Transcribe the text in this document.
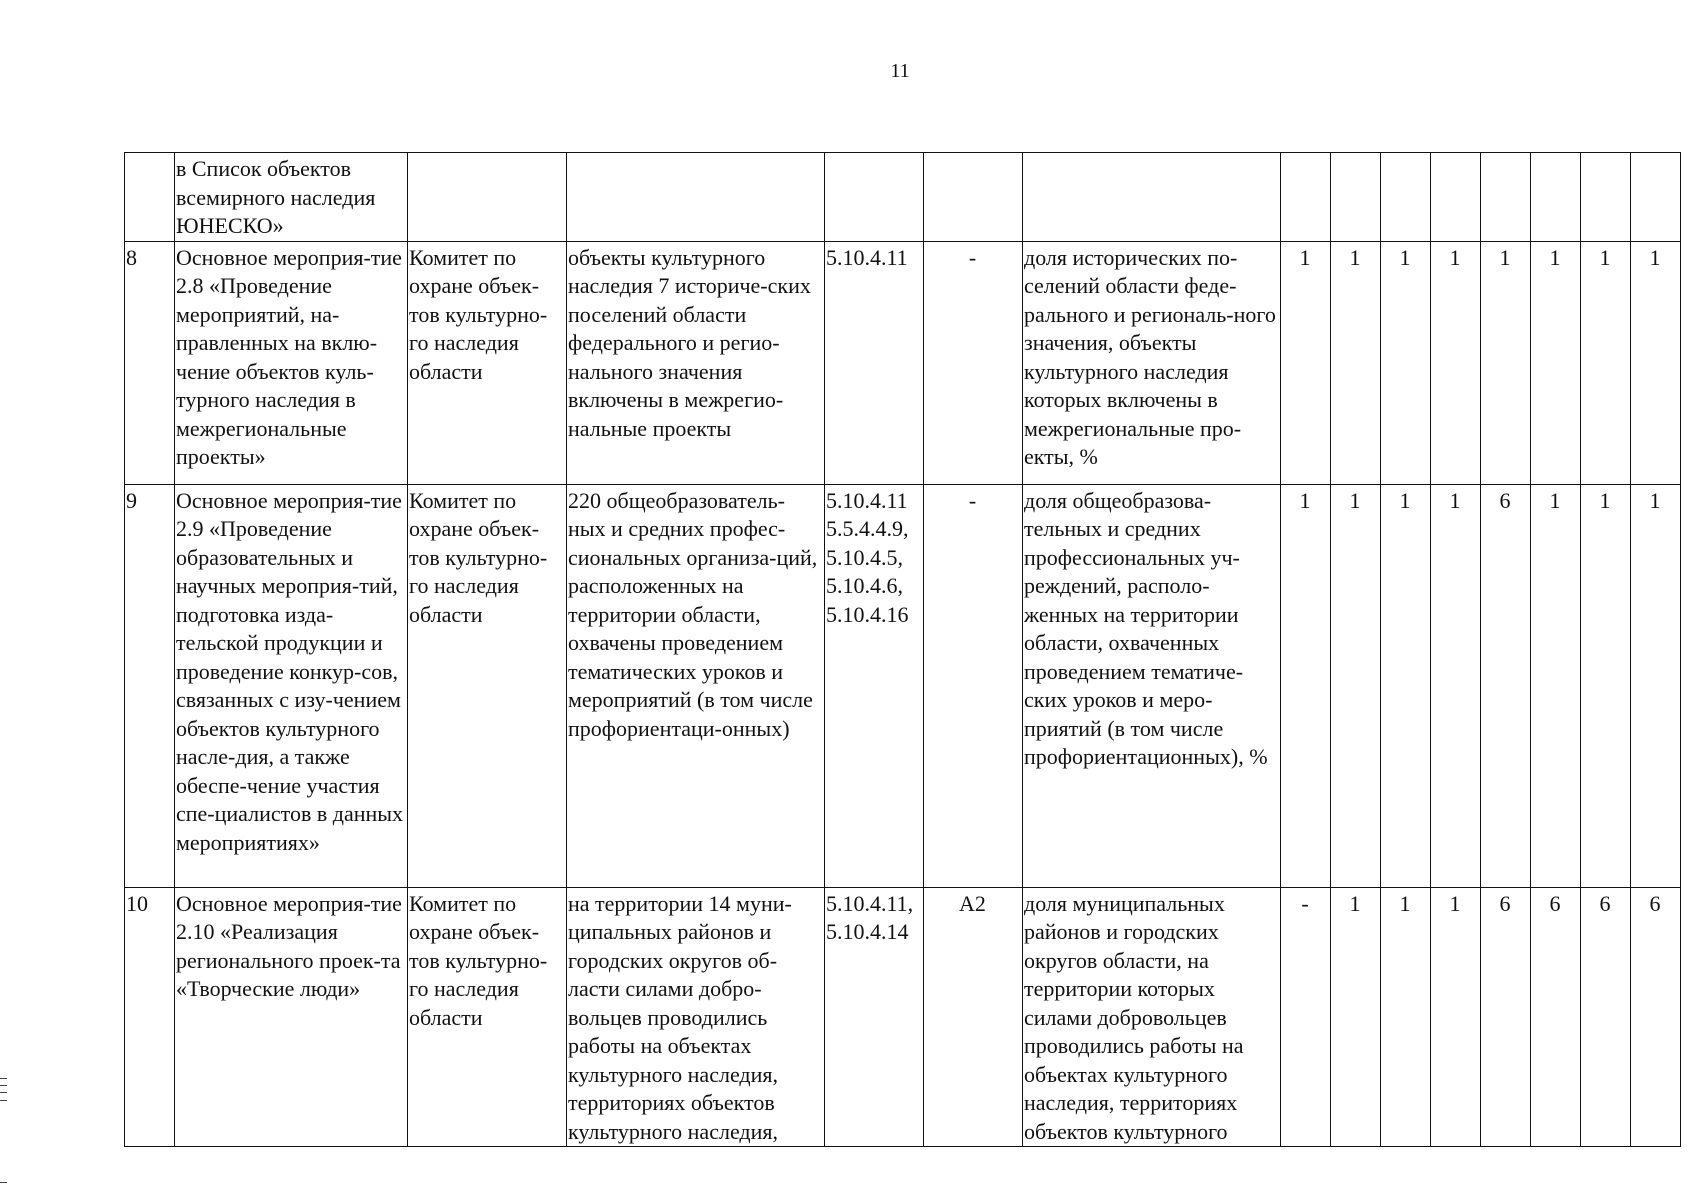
11
	в Список объектов всемирного наследия ЮНЕСКО»													
8	Основное мероприя-тие 2.8 «Проведение мероприятий, на-правленных на вклю-чение объектов куль-турного наследия в межрегиональные проекты»	Комитет по охране объек-тов культурно-го наследия области	объекты культурного наследия 7 историче-ских поселений области федерального и регио-нального значения включены в межрегио-нальные проекты	5.10.4.11	-	доля исторических по-селений области феде-рального и региональ-ного значения, объекты культурного наследия которых включены в межрегиональные про-екты, %	1	1	1	1	1	1	1	1
9	Основное мероприя-тие 2.9 «Проведение образовательных и научных мероприя-тий, подготовка изда-тельской продукции и проведение конкур-сов, связанных с изу-чением объектов культурного насле-дия, а также обеспе-чение участия спе-циалистов в данных мероприятиях»	Комитет по охране объек-тов культурно-го наследия области	220 общеобразователь-ных и средних профес-сиональных организа-ций, расположенных на территории области, охвачены проведением тематических уроков и мероприятий (в том числе профориентаци-онных)	5.10.4.11 5.5.4.4.9, 5.10.4.5, 5.10.4.6, 5.10.4.16	-	доля общеобразова-тельных и средних профессиональных уч-реждений, располо-женных на территории области, охваченных проведением тематиче-ских уроков и меро-приятий (в том числе профориентационных), %	1	1	1	1	6	1	1	1
10	Основное мероприя-тие 2.10 «Реализация регионального проек-та «Творческие люди»	Комитет по охране объек-тов культурно-го наследия области	на территории 14 муни-ципальных районов и городских округов об-ласти силами добро-вольцев проводились работы на объектах культурного наследия, территориях объектов культурного наследия,	5.10.4.11, 5.10.4.14	А2	доля муниципальных районов и городских округов области, на территории которых силами добровольцев проводились работы на объектах культурного наследия, территориях объектов культурного	-	1	1	1	6	6	6	6
